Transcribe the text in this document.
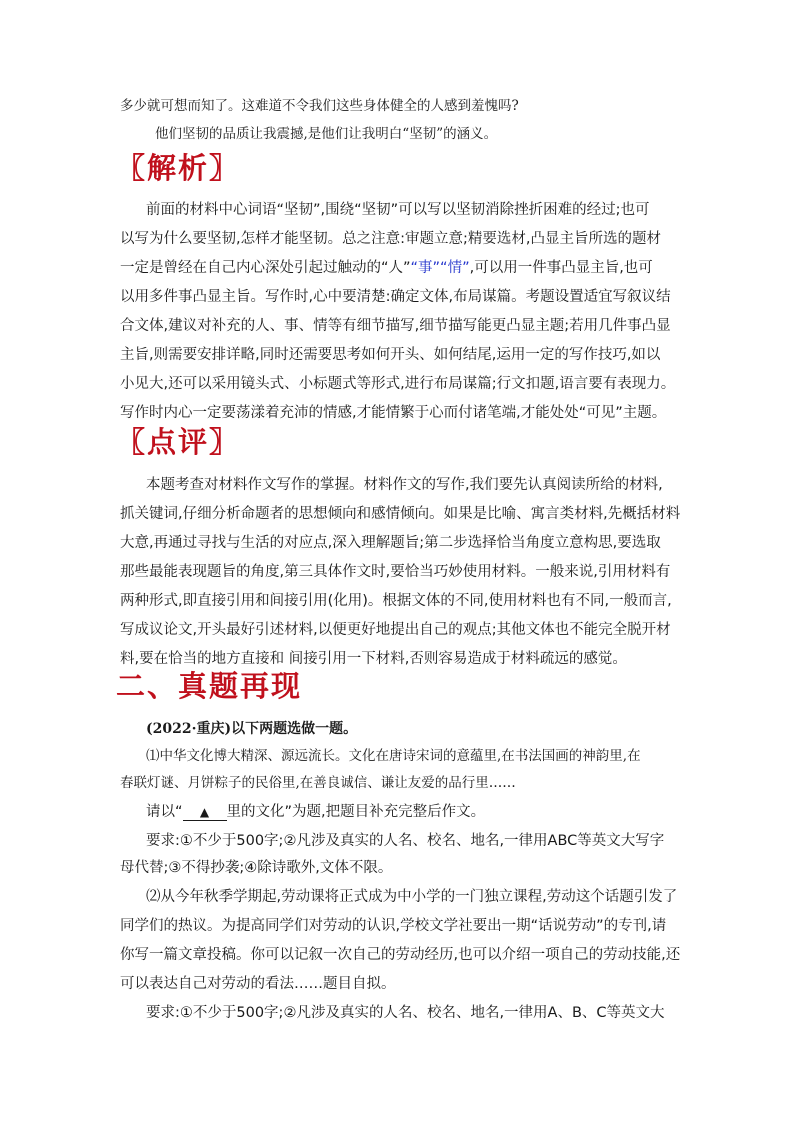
多少就可想而知了。这难道不令我们这些身体健全的人感到羞愧吗?
他们坚韧的品质让我震撼,是他们让我明白“坚韧”的涵义。
〖解析〗
前面的材料中心词语“坚韧”,围绕“坚韧”可以写以坚韧消除挫折困难的经过;也可
以写为什么要坚韧,怎样才能坚韧。总之注意:审题立意;精要选材,凸显主旨所选的题材
一定是曾经在自己内心深处引起过触动的“人”“事”“情”,可以用一件事凸显主旨,也可
以用多件事凸显主旨。写作时,心中要清楚:确定文体,布局谋篇。考题设置适宜写叙议结
合文体,建议对补充的人、事、情等有细节描写,细节描写能更凸显主题;若用几件事凸显
主旨,则需要安排详略,同时还需要思考如何开头、如何结尾,运用一定的写作技巧,如以
小见大,还可以采用镜头式、小标题式等形式,进行布局谋篇;行文扣题,语言要有表现力。
写作时内心一定要荡漾着充沛的情感,才能情繁于心而付诸笔端,才能处处“可见”主题。
〖点评〗
本题考查对材料作文写作的掌握。材料作文的写作,我们要先认真阅读所给的材料,
抓关键词,仔细分析命题者的思想倾向和感情倾向。如果是比喻、寓言类材料,先概括材料
大意,再通过寻找与生活的对应点,深入理解题旨;第二步选择恰当角度立意构思,要选取
那些最能表现题旨的角度,第三具体作文时,要恰当巧妙使用材料。一般来说,引用材料有
两种形式,即直接引用和间接引用(化用)。根据文体的不同,使用材料也有不同,一般而言,
写成议论文,开头最好引述材料,以便更好地提出自己的观点;其他文体也不能完全脱开材
料,要在恰当的地方直接和 间接引用一下材料,否则容易造成于材料疏远的感觉。
二、真题再现
(2022·重庆)以下两题选做一题。
⑴中华文化博大精深、源远流长。文化在唐诗宋词的意蕴里,在书法国画的神韵里,在
春联灯谜、月饼粽子的民俗里,在善良诚信、谦让友爱的品行里……
请以“ ▲ 里的文化”为题,把题目补充完整后作文。
要求:①不少于500字;②凡涉及真实的人名、校名、地名,一律用ABC等英文大写字
母代替;③不得抄袭;④除诗歌外,文体不限。
⑵从今年秋季学期起,劳动课将正式成为中小学的一门独立课程,劳动这个话题引发了
同学们的热议。为提高同学们对劳动的认识,学校文学社要出一期“话说劳动”的专刊,请
你写一篇文章投稿。你可以记叙一次自己的劳动经历,也可以介绍一项自己的劳动技能,还
可以表达自己对劳动的看法……题目自拟。
要求:①不少于500字;②凡涉及真实的人名、校名、地名,一律用A、B、C等英文大
